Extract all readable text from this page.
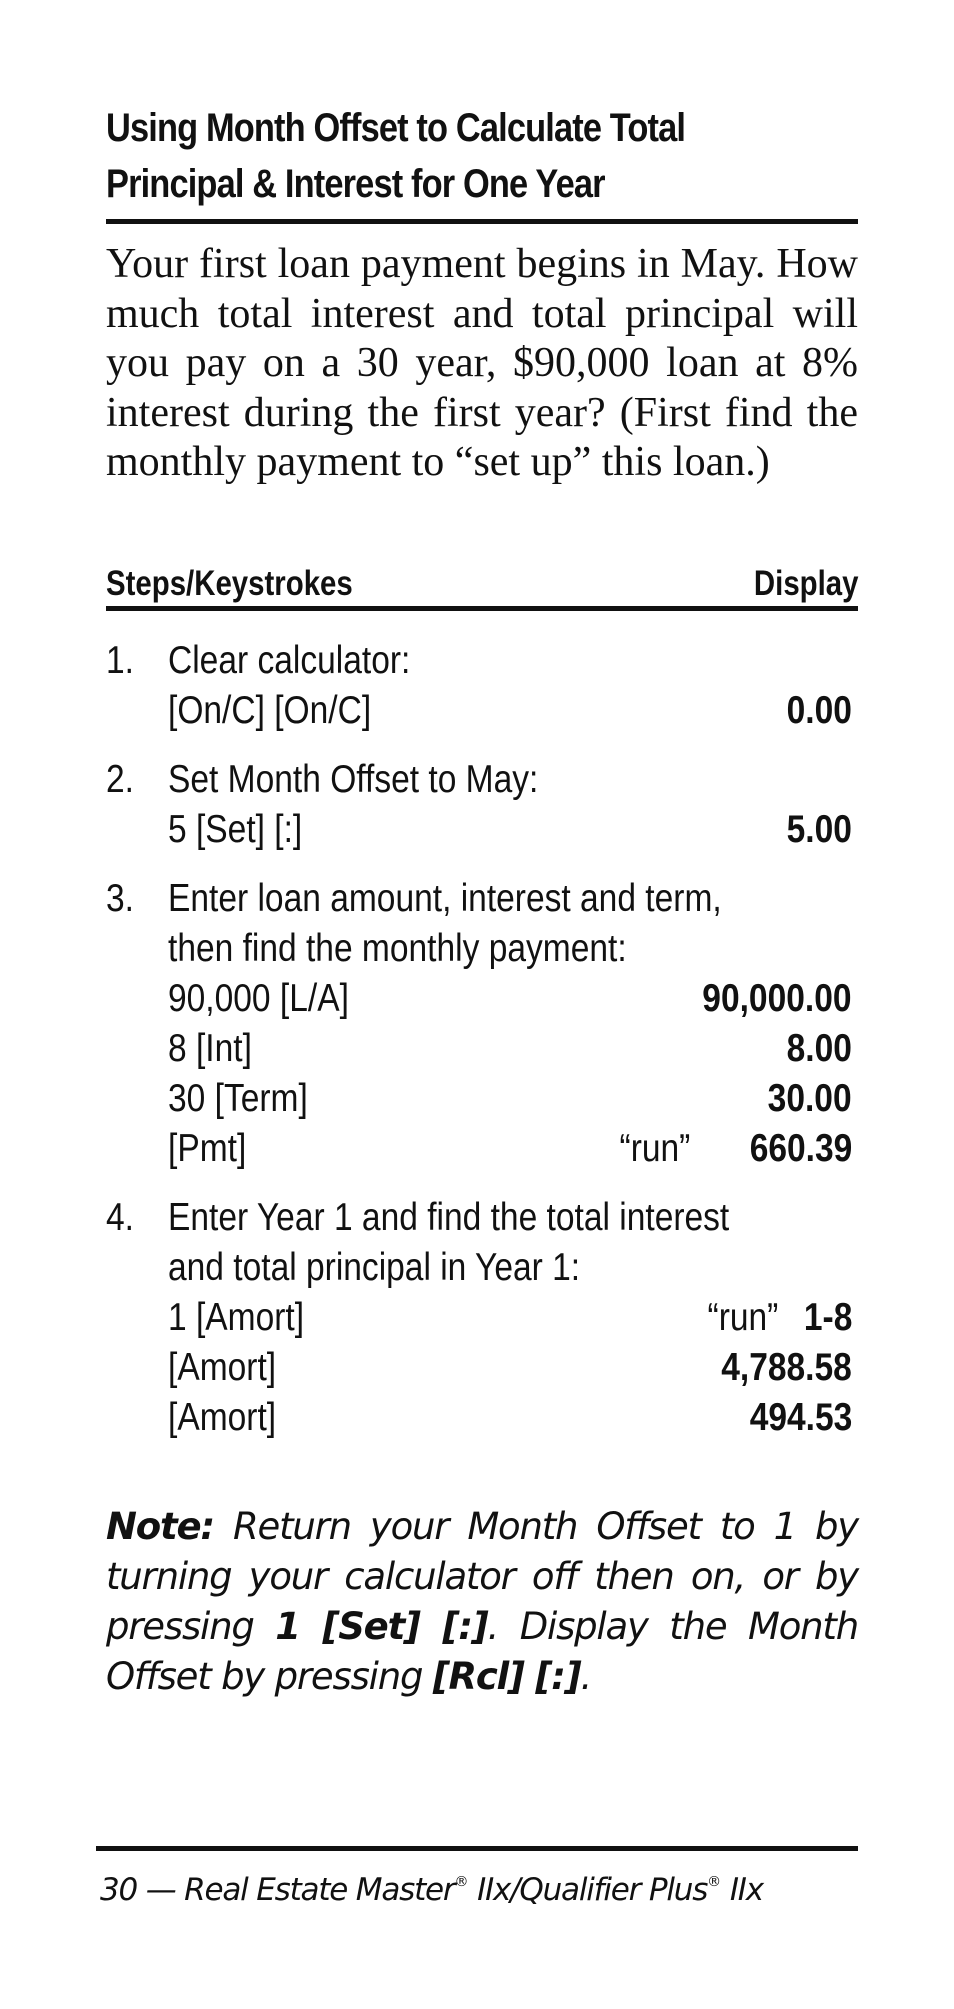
Using Month Offset to Calculate Total
Principal & Interest for One Year

Your first loan payment begins in May. How much total interest and total principal will you pay on a 30 year, $90,000 loan at 8% interest during the first year? (First find the monthly payment to “set up” this loan.)

Steps/Keystrokes	Display
1. Clear calculator:
[On/C] [On/C]	0.00
2. Set Month Offset to May:
5 [Set] [:]	5.00
3. Enter loan amount, interest and term,
then find the monthly payment:
90,000 [L/A]	90,000.00
8 [Int]	8.00
30 [Term]	30.00
[Pmt]	“run” 660.39
4. Enter Year 1 and find the total interest
and total principal in Year 1:
1 [Amort]	“run” 1-8
[Amort]	4,788.58
[Amort]	494.53
Note: Return your Month Offset to 1 by turning your calculator off then on, or by pressing 1 [Set] [:]. Display the Month Offset by pressing [Rcl] [:].
30 — Real Estate Master® IIx/Qualifier Plus® IIx
